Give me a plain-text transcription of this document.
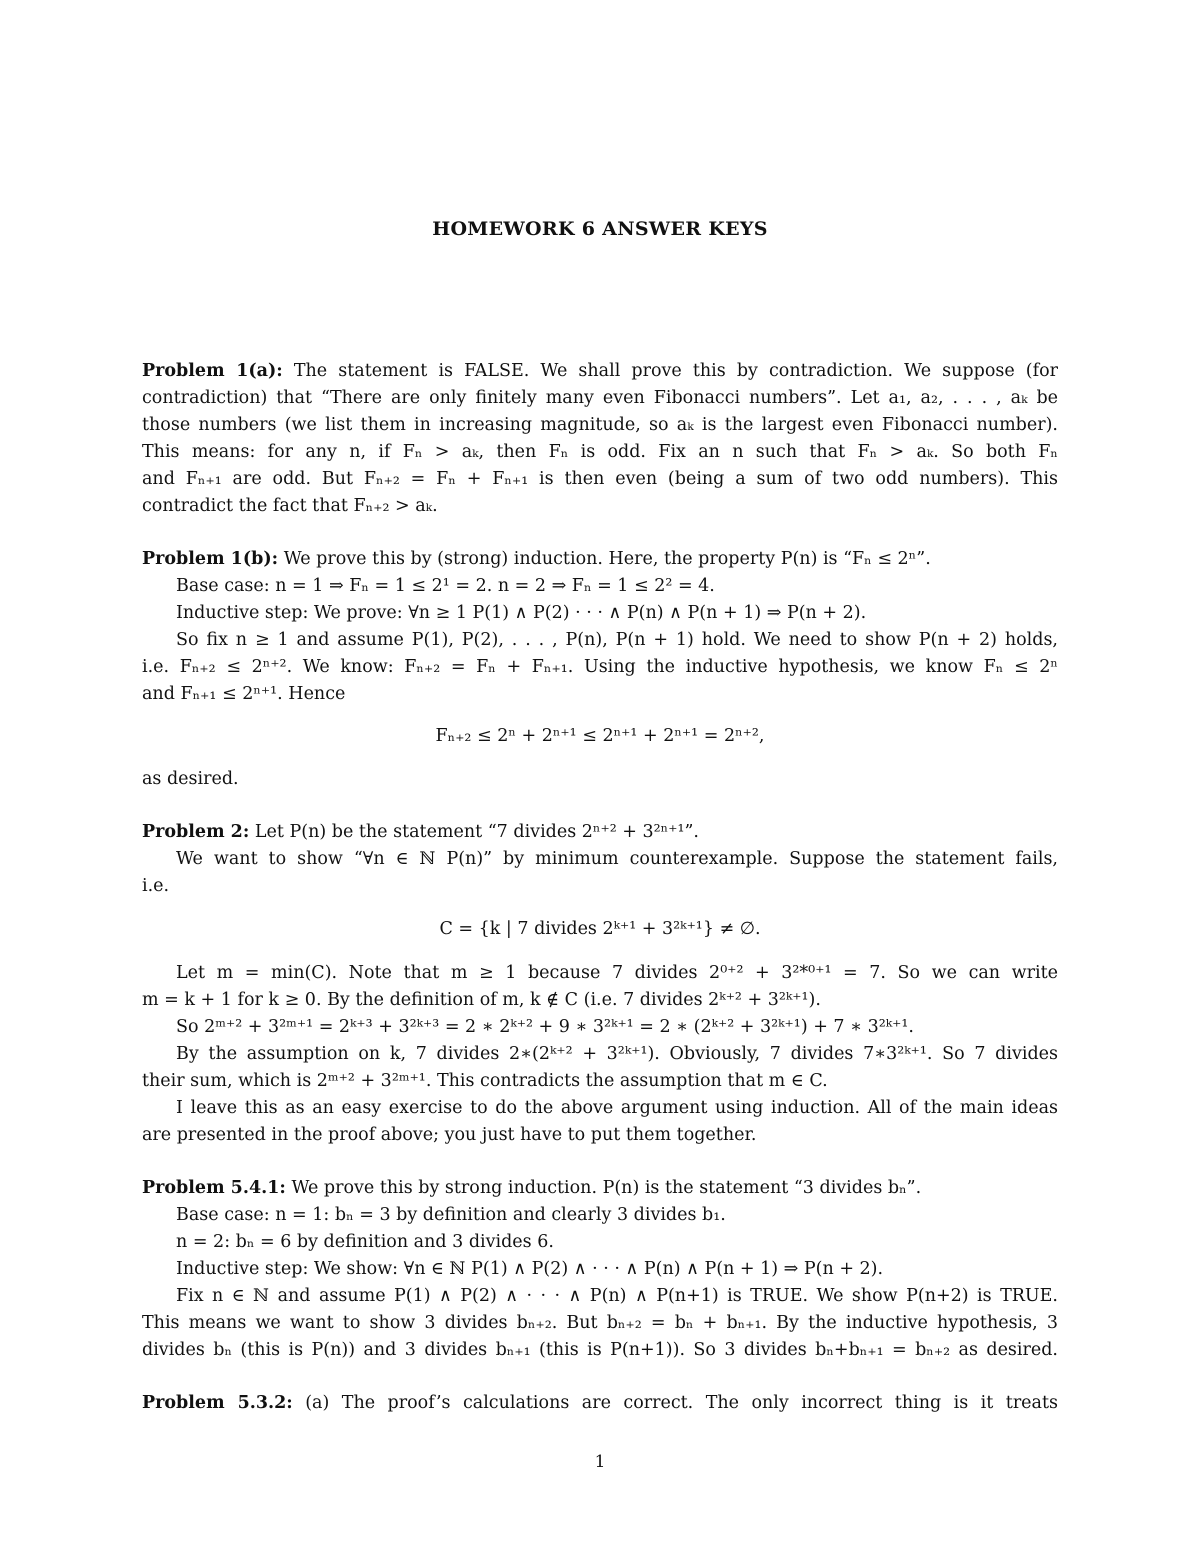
HOMEWORK 6 ANSWER KEYS
Problem 1(a): The statement is FALSE. We shall prove this by contradiction. We suppose (for
contradiction) that “There are only finitely many even Fibonacci numbers”. Let a₁, a₂, . . . , aₖ be
those numbers (we list them in increasing magnitude, so aₖ is the largest even Fibonacci number).
This means: for any n, if Fₙ > aₖ, then Fₙ is odd. Fix an n such that Fₙ > aₖ. So both Fₙ
and Fₙ₊₁ are odd. But Fₙ₊₂ = Fₙ + Fₙ₊₁ is then even (being a sum of two odd numbers). This
contradict the fact that Fₙ₊₂ > aₖ.
Problem 1(b): We prove this by (strong) induction. Here, the property P(n) is “Fₙ ≤ 2ⁿ”.
Base case: n = 1 ⇒ Fₙ = 1 ≤ 2¹ = 2. n = 2 ⇒ Fₙ = 1 ≤ 2² = 4.
Inductive step: We prove: ∀n ≥ 1 P(1) ∧ P(2) · · · ∧ P(n) ∧ P(n + 1) ⇒ P(n + 2).
So fix n ≥ 1 and assume P(1), P(2), . . . , P(n), P(n + 1) hold. We need to show P(n + 2) holds,
i.e. Fₙ₊₂ ≤ 2ⁿ⁺². We know: Fₙ₊₂ = Fₙ + Fₙ₊₁. Using the inductive hypothesis, we know Fₙ ≤ 2ⁿ
and Fₙ₊₁ ≤ 2ⁿ⁺¹. Hence
Fₙ₊₂ ≤ 2ⁿ + 2ⁿ⁺¹ ≤ 2ⁿ⁺¹ + 2ⁿ⁺¹ = 2ⁿ⁺²,
as desired.
Problem 2: Let P(n) be the statement “7 divides 2ⁿ⁺² + 3²ⁿ⁺¹”.
We want to show “∀n ∈ ℕ P(n)” by minimum counterexample. Suppose the statement fails,
i.e.
C = {k | 7 divides 2ᵏ⁺¹ + 3²ᵏ⁺¹} ≠ ∅.
Let m = min(C). Note that m ≥ 1 because 7 divides 2⁰⁺² + 3²*⁰⁺¹ = 7. So we can write
m = k + 1 for k ≥ 0. By the definition of m, k ∉ C (i.e. 7 divides 2ᵏ⁺² + 3²ᵏ⁺¹).
So 2ᵐ⁺² + 3²ᵐ⁺¹ = 2ᵏ⁺³ + 3²ᵏ⁺³ = 2 ∗ 2ᵏ⁺² + 9 ∗ 3²ᵏ⁺¹ = 2 ∗ (2ᵏ⁺² + 3²ᵏ⁺¹) + 7 ∗ 3²ᵏ⁺¹.
By the assumption on k, 7 divides 2∗(2ᵏ⁺² + 3²ᵏ⁺¹). Obviously, 7 divides 7∗3²ᵏ⁺¹. So 7 divides
their sum, which is 2ᵐ⁺² + 3²ᵐ⁺¹. This contradicts the assumption that m ∈ C.
I leave this as an easy exercise to do the above argument using induction. All of the main ideas
are presented in the proof above; you just have to put them together.
Problem 5.4.1: We prove this by strong induction. P(n) is the statement “3 divides bₙ”.
Base case: n = 1: bₙ = 3 by definition and clearly 3 divides b₁.
n = 2: bₙ = 6 by definition and 3 divides 6.
Inductive step: We show: ∀n ∈ ℕ P(1) ∧ P(2) ∧ · · · ∧ P(n) ∧ P(n + 1) ⇒ P(n + 2).
Fix n ∈ ℕ and assume P(1) ∧ P(2) ∧ · · · ∧ P(n) ∧ P(n+1) is TRUE. We show P(n+2) is TRUE.
This means we want to show 3 divides bₙ₊₂. But bₙ₊₂ = bₙ + bₙ₊₁. By the inductive hypothesis, 3
divides bₙ (this is P(n)) and 3 divides bₙ₊₁ (this is P(n+1)). So 3 divides bₙ+bₙ₊₁ = bₙ₊₂ as desired.
Problem 5.3.2: (a) The proof’s calculations are correct. The only incorrect thing is it treats
1
